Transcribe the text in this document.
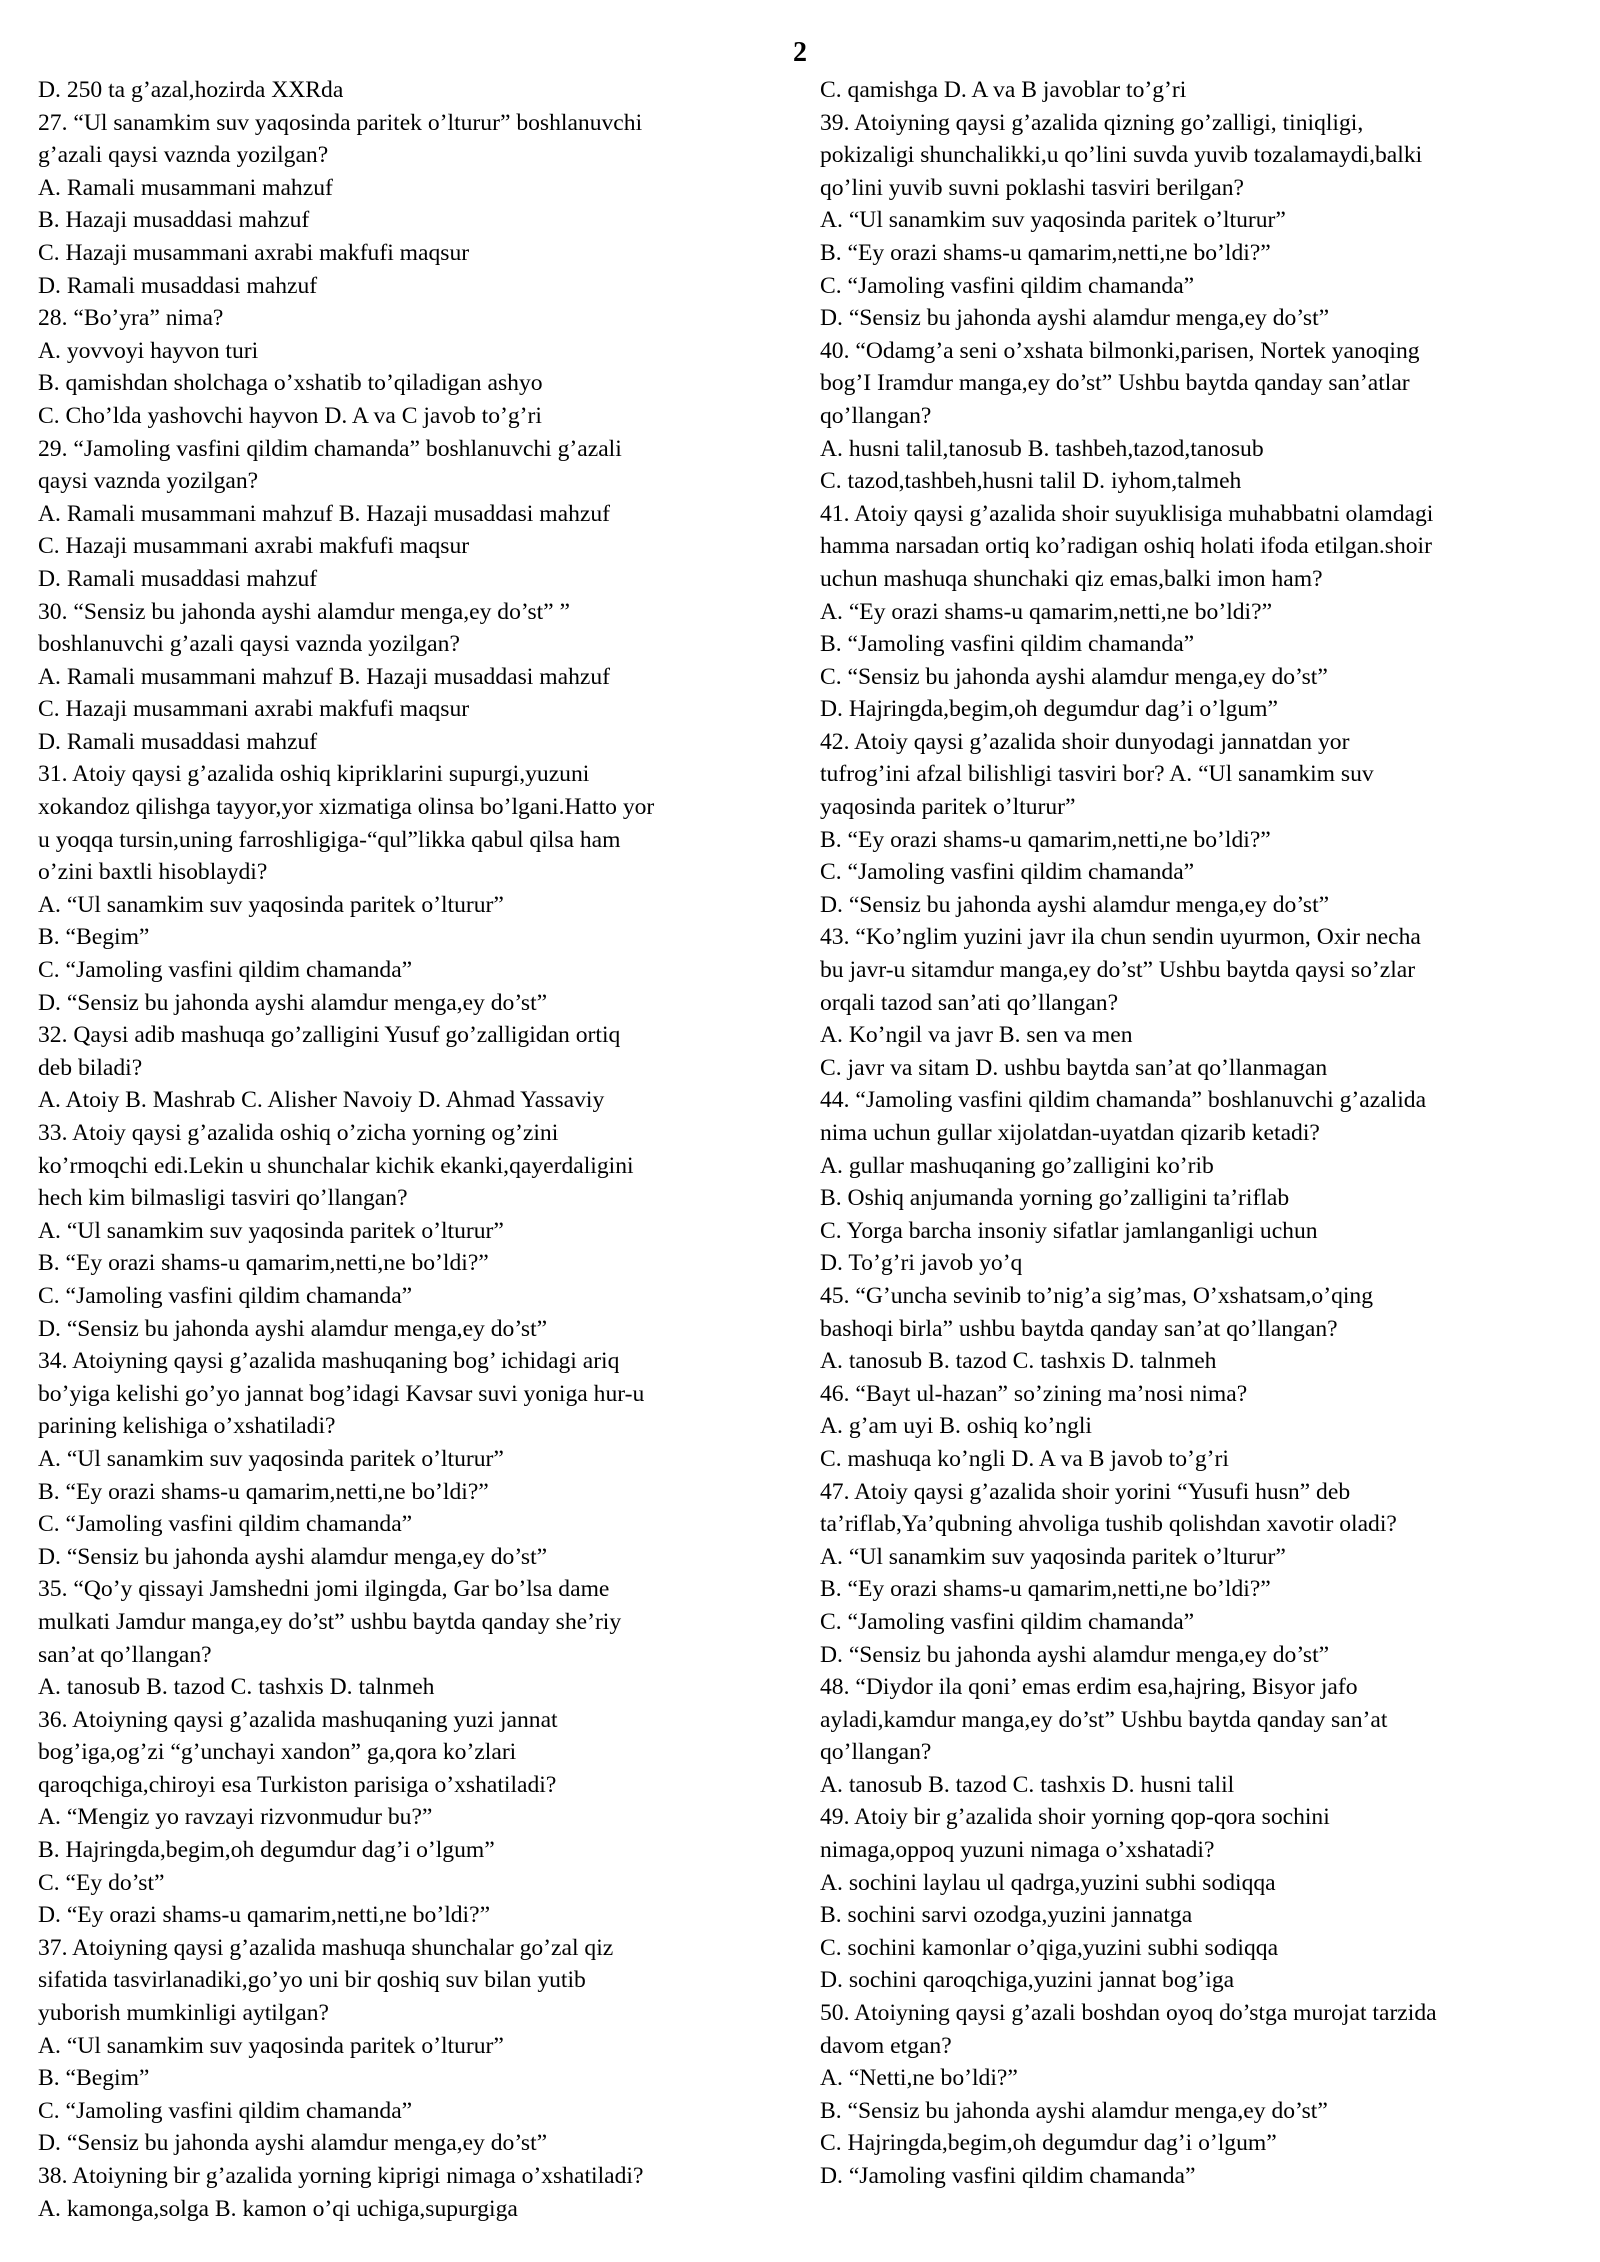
2
D. 250 ta g’azal,hozirda XXRda
27. “Ul sanamkim suv yaqosinda paritek o’lturur” boshlanuvchi
g’azali qaysi vaznda yozilgan?
A. Ramali musammani mahzuf
B. Hazaji musaddasi mahzuf
C. Hazaji musammani axrabi makfufi maqsur
D. Ramali musaddasi mahzuf
28. “Bo’yra” nima?
A. yovvoyi hayvon turi
B. qamishdan sholchaga o’xshatib to’qiladigan ashyo
C. Cho’lda yashovchi hayvon D. A va C javob to’g’ri
29. “Jamoling vasfini qildim chamanda” boshlanuvchi g’azali
qaysi vaznda yozilgan?
A. Ramali musammani mahzuf B. Hazaji musaddasi mahzuf
C. Hazaji musammani axrabi makfufi maqsur
D. Ramali musaddasi mahzuf
30. “Sensiz bu jahonda ayshi alamdur menga,ey do’st” ”
boshlanuvchi g’azali qaysi vaznda yozilgan?
A. Ramali musammani mahzuf B. Hazaji musaddasi mahzuf
C. Hazaji musammani axrabi makfufi maqsur
D. Ramali musaddasi mahzuf
31. Atoiy qaysi g’azalida oshiq kipriklarini supurgi,yuzuni
xokandoz qilishga tayyor,yor xizmatiga olinsa bo’lgani.Hatto yor
u yoqqa tursin,uning farroshligiga-“qul”likka qabul qilsa ham
o’zini baxtli hisoblaydi?
A. “Ul sanamkim suv yaqosinda paritek o’lturur”
B. “Begim”
C. “Jamoling vasfini qildim chamanda”
D. “Sensiz bu jahonda ayshi alamdur menga,ey do’st”
32. Qaysi adib mashuqa go’zalligini Yusuf go’zalligidan ortiq
deb biladi?
A. Atoiy B. Mashrab C. Alisher Navoiy D. Ahmad Yassaviy
33. Atoiy qaysi g’azalida oshiq o’zicha yorning og’zini
ko’rmoqchi edi.Lekin u shunchalar kichik ekanki,qayerdaligini
hech kim bilmasligi tasviri qo’llangan?
A. “Ul sanamkim suv yaqosinda paritek o’lturur”
B. “Ey orazi shams-u qamarim,netti,ne bo’ldi?”
C. “Jamoling vasfini qildim chamanda”
D. “Sensiz bu jahonda ayshi alamdur menga,ey do’st”
34. Atoiyning qaysi g’azalida mashuqaning bog’ ichidagi ariq
bo’yiga kelishi go’yo jannat bog’idagi Kavsar suvi yoniga hur-u
parining kelishiga o’xshatiladi?
A. “Ul sanamkim suv yaqosinda paritek o’lturur”
B. “Ey orazi shams-u qamarim,netti,ne bo’ldi?”
C. “Jamoling vasfini qildim chamanda”
D. “Sensiz bu jahonda ayshi alamdur menga,ey do’st”
35. “Qo’y qissayi Jamshedni jomi ilgingda, Gar bo’lsa dame
mulkati Jamdur manga,ey do’st” ushbu baytda qanday she’riy
san’at qo’llangan?
A. tanosub B. tazod C. tashxis D. talnmeh
36. Atoiyning qaysi g’azalida mashuqaning yuzi jannat
bog’iga,og’zi “g’unchayi xandon” ga,qora ko’zlari
qaroqchiga,chiroyi esa Turkiston parisiga o’xshatiladi?
A. “Mengiz yo ravzayi rizvonmudur bu?”
B. Hajringda,begim,oh degumdur dag’i o’lgum”
C. “Ey do’st”
D. “Ey orazi shams-u qamarim,netti,ne bo’ldi?”
37. Atoiyning qaysi g’azalida mashuqa shunchalar go’zal qiz
sifatida tasvirlanadiki,go’yo uni bir qoshiq suv bilan yutib
yuborish mumkinligi aytilgan?
A. “Ul sanamkim suv yaqosinda paritek o’lturur”
B. “Begim”
C. “Jamoling vasfini qildim chamanda”
D. “Sensiz bu jahonda ayshi alamdur menga,ey do’st”
38. Atoiyning bir g’azalida yorning kiprigi nimaga o’xshatiladi?
A. kamonga,solga B. kamon o’qi uchiga,supurgiga
C. qamishga D. A va B javoblar to’g’ri
39. Atoiyning qaysi g’azalida qizning go’zalligi, tiniqligi,
pokizaligi shunchalikki,u qo’lini suvda yuvib tozalamaydi,balki
qo’lini yuvib suvni poklashi tasviri berilgan?
A. “Ul sanamkim suv yaqosinda paritek o’lturur”
B. “Ey orazi shams-u qamarim,netti,ne bo’ldi?”
C. “Jamoling vasfini qildim chamanda”
D. “Sensiz bu jahonda ayshi alamdur menga,ey do’st”
40. “Odamg’a seni o’xshata bilmonki,parisen, Nortek yanoqing
bog’I Iramdur manga,ey do’st” Ushbu baytda qanday san’atlar
qo’llangan?
A. husni talil,tanosub B. tashbeh,tazod,tanosub
C. tazod,tashbeh,husni talil D. iyhom,talmeh
41. Atoiy qaysi g’azalida shoir suyuklisiga muhabbatni olamdagi
hamma narsadan ortiq ko’radigan oshiq holati ifoda etilgan.shoir
uchun mashuqa shunchaki qiz emas,balki imon ham?
A. “Ey orazi shams-u qamarim,netti,ne bo’ldi?”
B. “Jamoling vasfini qildim chamanda”
C. “Sensiz bu jahonda ayshi alamdur menga,ey do’st”
D. Hajringda,begim,oh degumdur dag’i o’lgum”
42. Atoiy qaysi g’azalida shoir dunyodagi jannatdan yor
tufrog’ini afzal bilishligi tasviri bor? A. “Ul sanamkim suv
yaqosinda paritek o’lturur”
B. “Ey orazi shams-u qamarim,netti,ne bo’ldi?”
C. “Jamoling vasfini qildim chamanda”
D. “Sensiz bu jahonda ayshi alamdur menga,ey do’st”
43. “Ko’nglim yuzini javr ila chun sendin uyurmon, Oxir necha
bu javr-u sitamdur manga,ey do’st” Ushbu baytda qaysi so’zlar
orqali tazod san’ati qo’llangan?
A. Ko’ngil va javr B. sen va men
C. javr va sitam D. ushbu baytda san’at qo’llanmagan
44. “Jamoling vasfini qildim chamanda” boshlanuvchi g’azalida
nima uchun gullar xijolatdan-uyatdan qizarib ketadi?
A. gullar mashuqaning go’zalligini ko’rib
B. Oshiq anjumanda yorning go’zalligini ta’riflab
C. Yorga barcha insoniy sifatlar jamlanganligi uchun
D. To’g’ri javob yo’q
45. “G’uncha sevinib to’nig’a sig’mas, O’xshatsam,o’qing
bashoqi birla” ushbu baytda qanday san’at qo’llangan?
A. tanosub B. tazod C. tashxis D. talnmeh
46. “Bayt ul-hazan” so’zining ma’nosi nima?
A. g’am uyi B. oshiq ko’ngli
C. mashuqa ko’ngli D. A va B javob to’g’ri
47. Atoiy qaysi g’azalida shoir yorini “Yusufi husn” deb
ta’riflab,Ya’qubning ahvoliga tushib qolishdan xavotir oladi?
A. “Ul sanamkim suv yaqosinda paritek o’lturur”
B. “Ey orazi shams-u qamarim,netti,ne bo’ldi?”
C. “Jamoling vasfini qildim chamanda”
D. “Sensiz bu jahonda ayshi alamdur menga,ey do’st”
48. “Diydor ila qoni’ emas erdim esa,hajring, Bisyor jafo
ayladi,kamdur manga,ey do’st” Ushbu baytda qanday san’at
qo’llangan?
A. tanosub B. tazod C. tashxis D. husni talil
49. Atoiy bir g’azalida shoir yorning qop-qora sochini
nimaga,oppoq yuzuni nimaga o’xshatadi?
A. sochini laylau ul qadrga,yuzini subhi sodiqqa
B. sochini sarvi ozodga,yuzini jannatga
C. sochini kamonlar o’qiga,yuzini subhi sodiqqa
D. sochini qaroqchiga,yuzini jannat bog’iga
50. Atoiyning qaysi g’azali boshdan oyoq do’stga murojat tarzida
davom etgan?
A. “Netti,ne bo’ldi?”
B. “Sensiz bu jahonda ayshi alamdur menga,ey do’st”
C. Hajringda,begim,oh degumdur dag’i o’lgum”
D. “Jamoling vasfini qildim chamanda”
